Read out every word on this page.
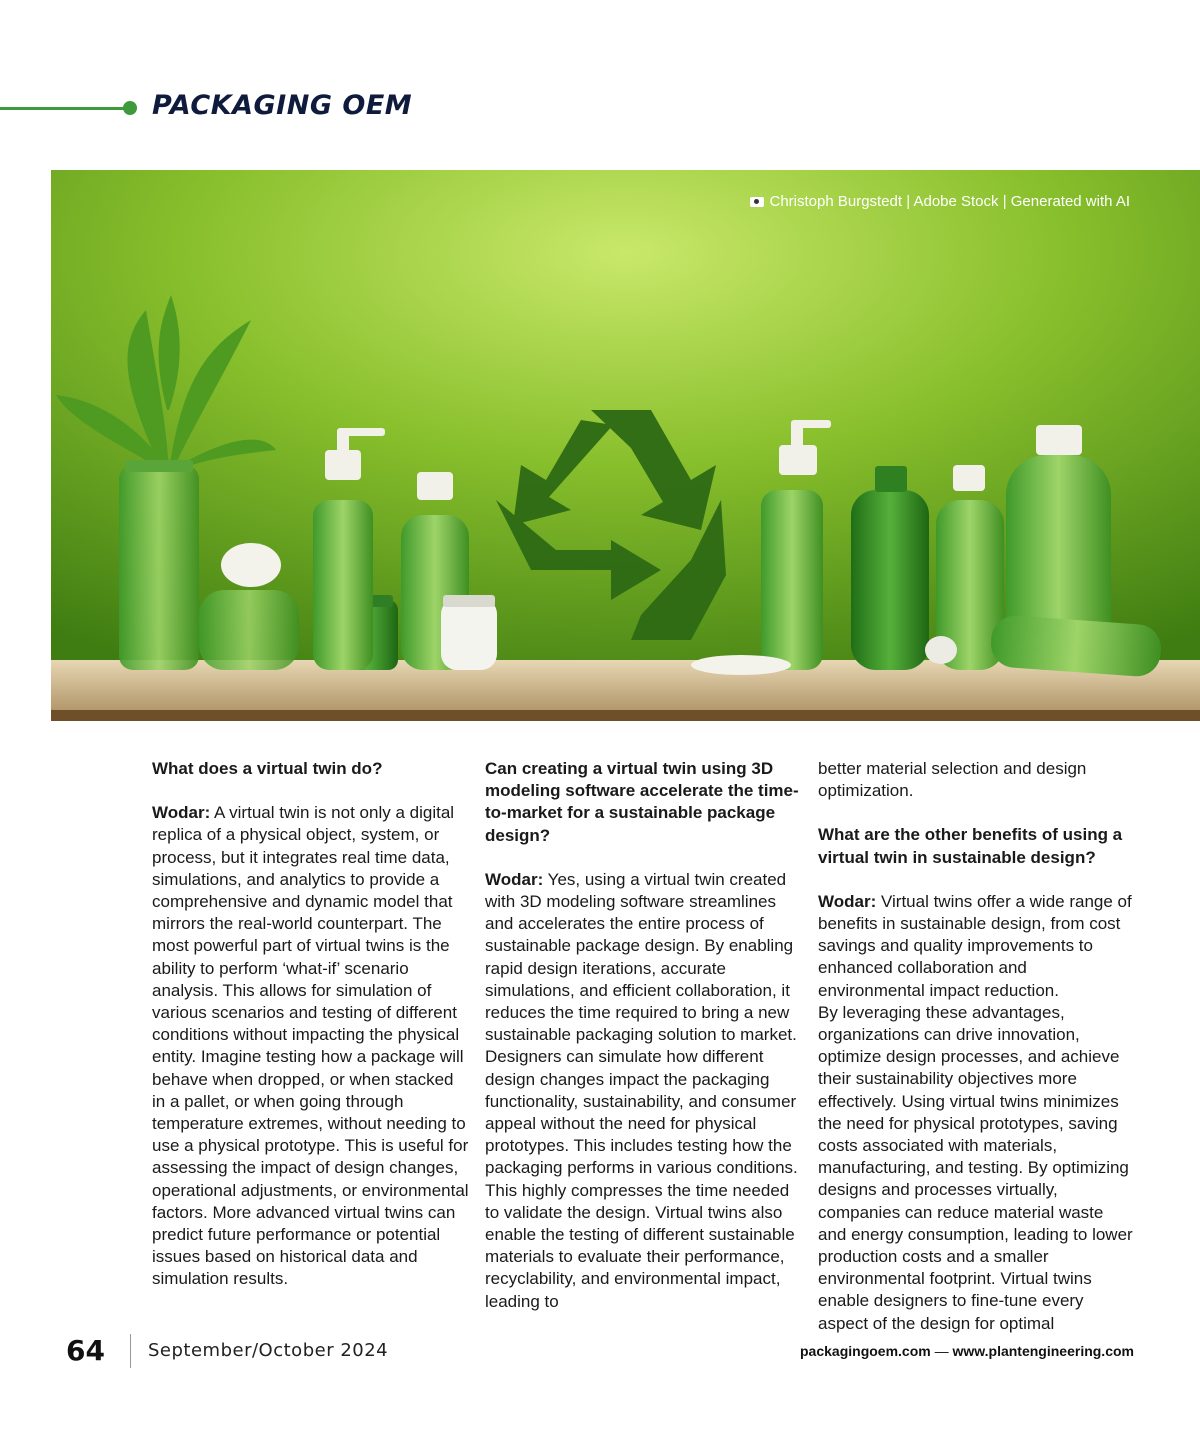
PACKAGING OEM
Christoph Burgstedt | Adobe Stock | Generated with AI

What does a virtual twin do?

Wodar: A virtual twin is not only a digital replica of a physical object, system, or process, but it integrates real time data, simulations, and analytics to provide a comprehensive and dynamic model that mirrors the real-world counterpart. The most powerful part of virtual twins is the ability to perform ‘what-if’ scenario analysis. This allows for simulation of various scenarios and testing of different conditions without impacting the physical entity. Imagine testing how a package will behave when dropped, or when stacked in a pallet, or when going through temperature extremes, without needing to use a physical prototype. This is useful for assessing the impact of design changes, operational adjustments, or environmental factors. More advanced virtual twins can predict future performance or potential issues based on historical data and simulation results.

Can creating a virtual twin using 3D modeling software accelerate the time-to-market for a sustainable package design?

Wodar: Yes, using a virtual twin created with 3D modeling software streamlines and accelerates the entire process of sustainable package design. By enabling rapid design iterations, accurate simulations, and efficient collaboration, it reduces the time required to bring a new sustainable packaging solution to market. Designers can simulate how different design changes impact the packaging functionality, sustainability, and consumer appeal without the need for physical prototypes. This includes testing how the packaging performs in various conditions. This highly compresses the time needed to validate the design. Virtual twins also enable the testing of different sustainable materials to evaluate their performance, recyclability, and environmental impact, leading to

better material selection and design optimization.

What are the other benefits of using a virtual twin in sustainable design?

Wodar: Virtual twins offer a wide range of benefits in sustainable design, from cost savings and quality improvements to enhanced collaboration and environmental impact reduction.

By leveraging these advantages, organizations can drive innovation, optimize design processes, and achieve their sustainability objectives more effectively. Using virtual twins minimizes the need for physical prototypes, saving costs associated with materials, manufacturing, and testing. By optimizing designs and processes virtually, companies can reduce material waste and energy consumption, leading to lower production costs and a smaller environmental footprint. Virtual twins enable designers to fine-tune every aspect of the design for optimal

64 September/October 2024	packagingoem.com — www.plantengineering.com
